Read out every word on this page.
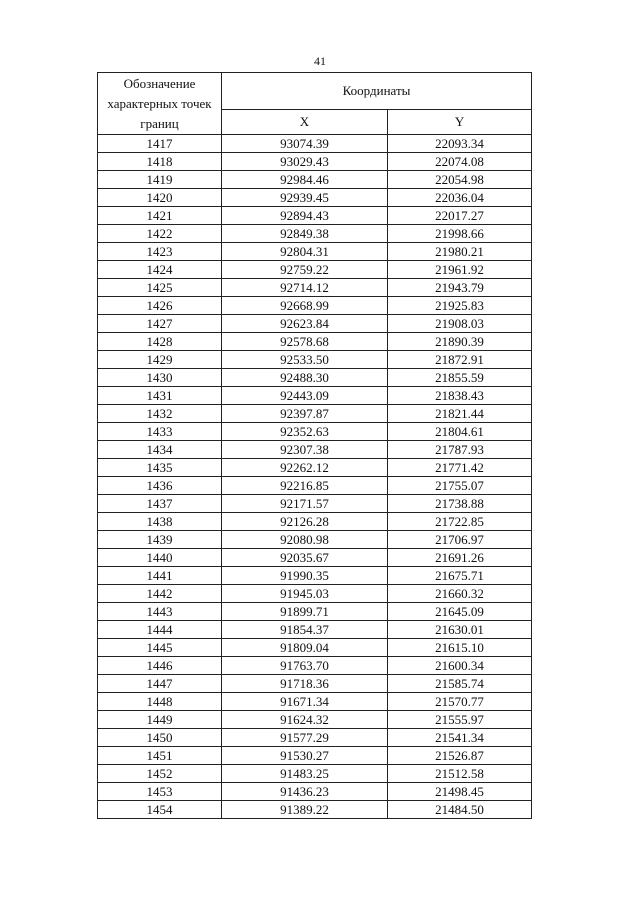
41
Обозначение характерных точек границ	Координаты	
	X	Y
1417	93074.39	22093.34
1418	93029.43	22074.08
1419	92984.46	22054.98
1420	92939.45	22036.04
1421	92894.43	22017.27
1422	92849.38	21998.66
1423	92804.31	21980.21
1424	92759.22	21961.92
1425	92714.12	21943.79
1426	92668.99	21925.83
1427	92623.84	21908.03
1428	92578.68	21890.39
1429	92533.50	21872.91
1430	92488.30	21855.59
1431	92443.09	21838.43
1432	92397.87	21821.44
1433	92352.63	21804.61
1434	92307.38	21787.93
1435	92262.12	21771.42
1436	92216.85	21755.07
1437	92171.57	21738.88
1438	92126.28	21722.85
1439	92080.98	21706.97
1440	92035.67	21691.26
1441	91990.35	21675.71
1442	91945.03	21660.32
1443	91899.71	21645.09
1444	91854.37	21630.01
1445	91809.04	21615.10
1446	91763.70	21600.34
1447	91718.36	21585.74
1448	91671.34	21570.77
1449	91624.32	21555.97
1450	91577.29	21541.34
1451	91530.27	21526.87
1452	91483.25	21512.58
1453	91436.23	21498.45
1454	91389.22	21484.50
